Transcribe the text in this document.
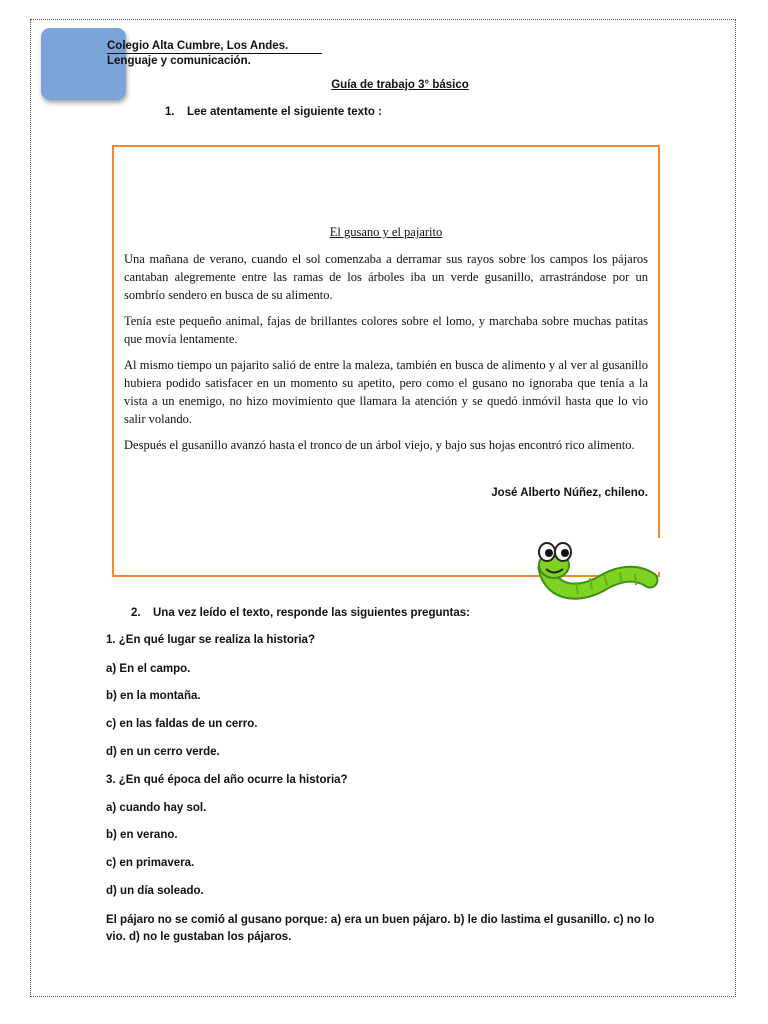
Colegio Alta Cumbre, Los Andes.
Lenguaje y comunicación.
Guía de trabajo 3° básico
1. Lee atentamente el siguiente texto :
El gusano y el pajarito

Una mañana de verano, cuando el sol comenzaba a derramar sus rayos sobre los campos los pájaros cantaban alegremente entre las ramas de los árboles iba un verde gusanillo, arrastrándose por un sombrío sendero en busca de su alimento.

Tenía este pequeño animal, fajas de brillantes colores sobre el lomo, y marchaba sobre muchas patitas que movía lentamente.

Al mismo tiempo un pajarito salió de entre la maleza, también en busca de alimento y al ver al gusanillo hubiera podido satisfacer en un momento su apetito, pero como el gusano no ignoraba que tenía a la vista a un enemigo, no hizo movimiento que llamara la atención y se quedó inmóvil hasta que lo vio salir volando.

Después el gusanillo avanzó hasta el tronco de un árbol viejo, y bajo sus hojas encontró rico alimento.

José Alberto Núñez, chileno.
2. Una vez leído el texto, responde las siguientes preguntas:
1. ¿En qué lugar se realiza la historia?
a) En el campo.
b) en la montaña.
c) en las faldas de un cerro.
d) en un cerro verde.
3. ¿En qué época del año ocurre la historia?
a) cuando hay sol.
b) en verano.
c) en primavera.
d) un día soleado.
El pájaro no se comió al gusano porque: a) era un buen pájaro. b) le dio lastima el gusanillo. c) no lo vio. d) no le gustaban los pájaros.
